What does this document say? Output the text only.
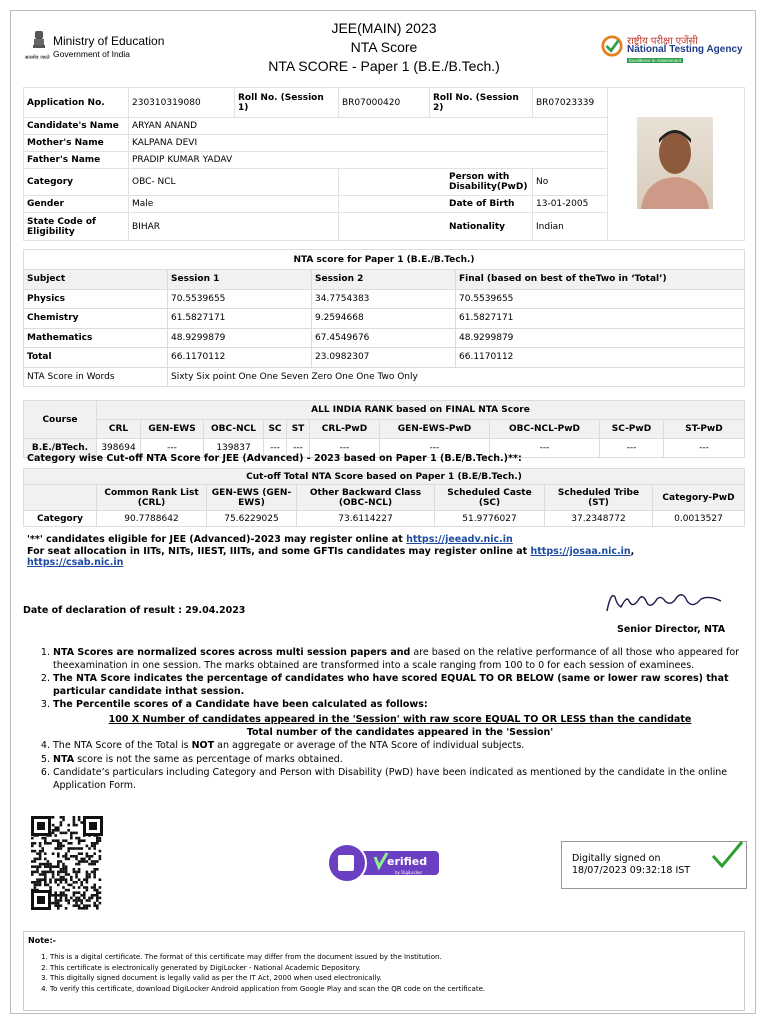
सत्यमेव जयते
Ministry of Education
Government of India
JEE(MAIN) 2023
NTA Score
NTA SCORE - Paper 1 (B.E./B.Tech.)
राष्ट्रीय परीक्षा एजेंसी
National Testing Agency
Excellence in Assessment
Application No.	230310319080	Roll No. (Session 1)	BR07000420	Roll No. (Session 2)	BR07023339	
Candidate's Name	ARYAN ANAND					
Mother's Name	KALPANA DEVI					
Father's Name	PRADIP KUMAR YADAV					
Category	OBC- NCL		Person with Disability(PwD)		No	
Gender	Male		Date of Birth		13-01-2005	
State Code of Eligibility	BIHAR		Nationality		Indian	
NTA score for Paper 1 (B.E./B.Tech.)			
Subject	Session 1	Session 2	Final (based on best of theTwo in ‘Total’)
Physics	70.5539655	34.7754383	70.5539655
Chemistry	61.5827171	9.2594668	61.5827171
Mathematics	48.9299879	67.4549676	48.9299879
Total	66.1170112	23.0982307	66.1170112
NTA Score in Words	Sixty Six point One One Seven Zero One One Two Only		
Course	ALL INDIA RANK based on FINAL NTA Score									
	CRL	GEN-EWS	OBC-NCL	SC	ST	CRL-PwD	GEN-EWS-PwD	OBC-NCL-PwD	SC-PwD	ST-PwD
B.E./BTech.	398694	---	139837	---	---	---	---	---	---	---
Category wise Cut-off NTA Score for JEE (Advanced) - 2023 based on Paper 1 (B.E/B.Tech.)**:
Cut-off Total NTA Score based on Paper 1 (B.E/B.Tech.)						
	Common Rank List (CRL)	GEN-EWS (GEN-EWS)	Other Backward Class (OBC-NCL)	Scheduled Caste (SC)	Scheduled Tribe (ST)	Category-PwD
Category	90.7788642	75.6229025	73.6114227	51.9776027	37.2348772	0.0013527
'**' candidates eligible for JEE (Advanced)-2023 may register online at https://jeeadv.nic.in
For seat allocation in IITs, NITs, IIEST, IIITs, and some GFTIs candidates may register online at https://josaa.nic.in,
https://csab.nic.in
Date of declaration of result : 29.04.2023
Senior Director, NTA
1. NTA Scores are normalized scores across multi session papers and are based on the relative performance of all those who appeared for theexamination in one session. The marks obtained are transformed into a scale ranging from 100 to 0 for each session of examinees.
2. The NTA Score indicates the percentage of candidates who have scored EQUAL TO OR BELOW (same or lower raw scores) that particular candidate inthat session.
3. The Percentile scores of a Candidate have been calculated as follows:
100 X Number of candidates appeared in the 'Session' with raw score EQUAL TO OR LESS than the candidate
Total number of the candidates appeared in the 'Session'
4. The NTA Score of the Total is NOT an aggregate or average of the NTA Score of individual subjects.
5. NTA score is not the same as percentage of marks obtained.
6. Candidate’s particulars including Category and Person with Disability (PwD) have been indicated as mentioned by the candidate in the online Application Form.
erified
by DigiLocker
Digitally signed on
18/07/2023 09:32:18 IST
Note:-
1. This is a digital certificate. The format of this certificate may differ from the document issued by the Institution.
2. This certificate is electronically generated by DigiLocker - National Academic Depository.
3. This digitally signed document is legally valid as per the IT Act, 2000 when used electronically.
4. To verify this certificate, download DigiLocker Android application from Google Play and scan the QR code on the certificate.
